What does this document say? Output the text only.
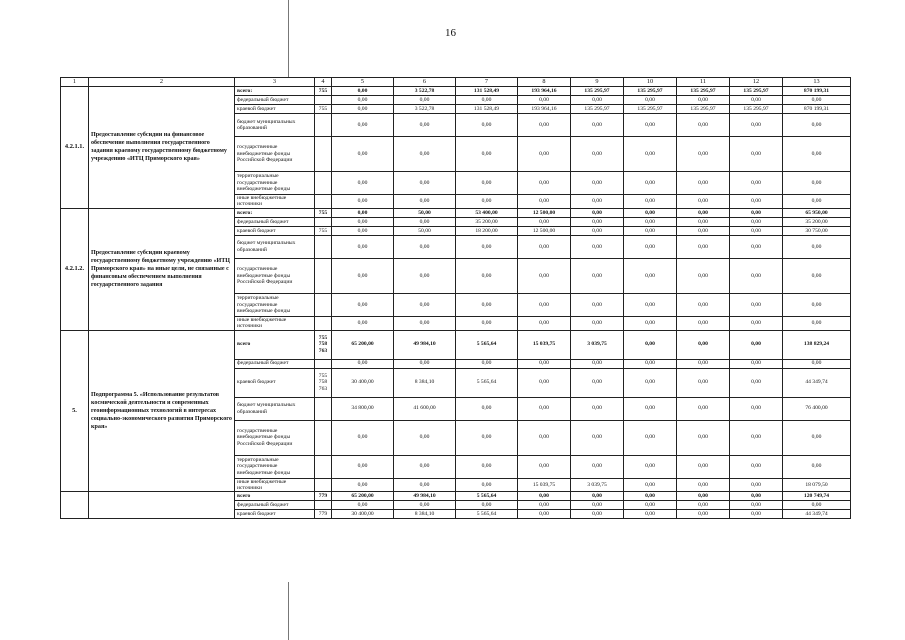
16
1	2	3	4	5	6	7	8	9	10	11	12	13
4.2.1.1.	Предоставление субсидии на финансовое обеспечение выполнения государственного задания краевому государственному бюджетному учреждению «ИТЦ Приморского края»	всего:	755	0,00	3 522,78	131 528,49	193 964,16	135 295,97	135 295,97	135 295,97	135 295,97	870 199,31
		федеральный бюджет		0,00	0,00	0,00	0,00	0,00	0,00	0,00	0,00	0,00
		краевой бюджет	755	0,00	3 522,78	131 528,49	193 964,16	135 295,97	135 295,97	135 295,97	135 295,97	870 199,31
		бюджет муниципальных образований		0,00	0,00	0,00	0,00	0,00	0,00	0,00	0,00	0,00
		государственные внебюджетные фонды Российской Федерации		0,00	0,00	0,00	0,00	0,00	0,00	0,00	0,00	0,00
		территориальные государственные внебюджетные фонды		0,00	0,00	0,00	0,00	0,00	0,00	0,00	0,00	0,00
		иные внебюджетные источники		0,00	0,00	0,00	0,00	0,00	0,00	0,00	0,00	0,00
4.2.1.2.	Предоставление субсидии краевому государственному бюджетному учреждению «ИТЦ Приморского края» на иные цели, не связанные с финансовым обеспечением выполнения государственного задания	всего:	755	0,00	50,00	53 400,00	12 500,00	0,00	0,00	0,00	0,00	65 950,00
		федеральный бюджет		0,00	0,00	35 200,00	0,00	0,00	0,00	0,00	0,00	35 200,00
		краевой бюджет	755	0,00	50,00	18 200,00	12 500,00	0,00	0,00	0,00	0,00	30 750,00
		бюджет муниципальных образований		0,00	0,00	0,00	0,00	0,00	0,00	0,00	0,00	0,00
		государственные внебюджетные фонды Российской Федерации		0,00	0,00	0,00	0,00	0,00	0,00	0,00	0,00	0,00
		территориальные государственные внебюджетные фонды		0,00	0,00	0,00	0,00	0,00	0,00	0,00	0,00	0,00
		иные внебюджетные источники		0,00	0,00	0,00	0,00	0,00	0,00	0,00	0,00	0,00
5.	Подпрограмма 5. «Использование результатов космической деятельности и современных геоинформационных технологий в интересах социально-экономического развития Приморского края»	всего	755
758
763	65 200,00	49 984,10	5 565,64	15 039,75	3 039,75	0,00	0,00	0,00	138 829,24
		федеральный бюджет		0,00	0,00	0,00	0,00	0,00	0,00	0,00	0,00	0,00
		краевой бюджет	755
758
763	30 400,00	8 384,10	5 565,64	0,00	0,00	0,00	0,00	0,00	44 349,74
		бюджет муниципальных образований		34 800,00	41 600,00	0,00	0,00	0,00	0,00	0,00	0,00	76 400,00
		государственные внебюджетные фонды Российской Федерации		0,00	0,00	0,00	0,00	0,00	0,00	0,00	0,00	0,00
		территориальные государственные внебюджетные фонды		0,00	0,00	0,00	0,00	0,00	0,00	0,00	0,00	0,00
		иные внебюджетные источники		0,00	0,00	0,00	15 039,75	3 039,75	0,00	0,00	0,00	18 079,50
		всего	779	65 200,00	49 984,10	5 565,64	0,00	0,00	0,00	0,00	0,00	120 749,74
		федеральный бюджет		0,00	0,00	0,00	0,00	0,00	0,00	0,00	0,00	0,00
		краевой бюджет	779	30 400,00	8 384,10	5 565,64	0,00	0,00	0,00	0,00	0,00	44 349,74
